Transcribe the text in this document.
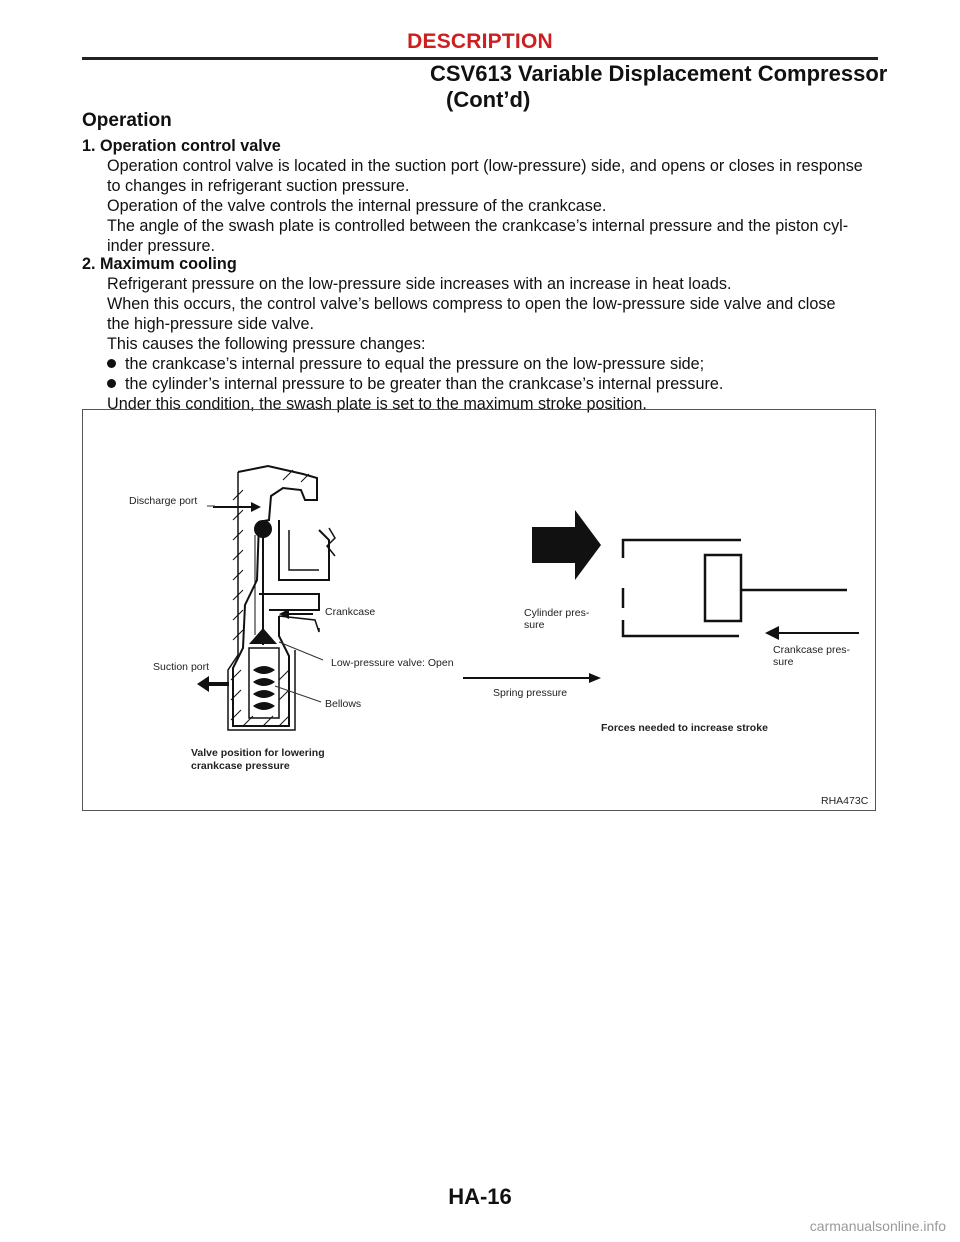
DESCRIPTION
CSV613 Variable Displacement Compressor
(Cont’d)
Operation
1. Operation control valve
Operation control valve is located in the suction port (low-pressure) side, and opens or closes in response
to changes in refrigerant suction pressure.
Operation of the valve controls the internal pressure of the crankcase.
The angle of the swash plate is controlled between the crankcase’s internal pressure and the piston cyl-
inder pressure.
2. Maximum cooling
Refrigerant pressure on the low-pressure side increases with an increase in heat loads.
When this occurs, the control valve’s bellows compress to open the low-pressure side valve and close
the high-pressure side valve.
This causes the following pressure changes:
the crankcase’s internal pressure to equal the pressure on the low-pressure side;
the cylinder’s internal pressure to be greater than the crankcase’s internal pressure.
Under this condition, the swash plate is set to the maximum stroke position.
Discharge port
Crankcase
Suction port	Low-pressure valve: Open
Bellows
Valve position for lowering
crankcase pressure
Cylinder pres-
sure
Crankcase pres-
sure
Spring pressure
Forces needed to increase stroke
RHA473C
HA-16
carmanualsonline.info
